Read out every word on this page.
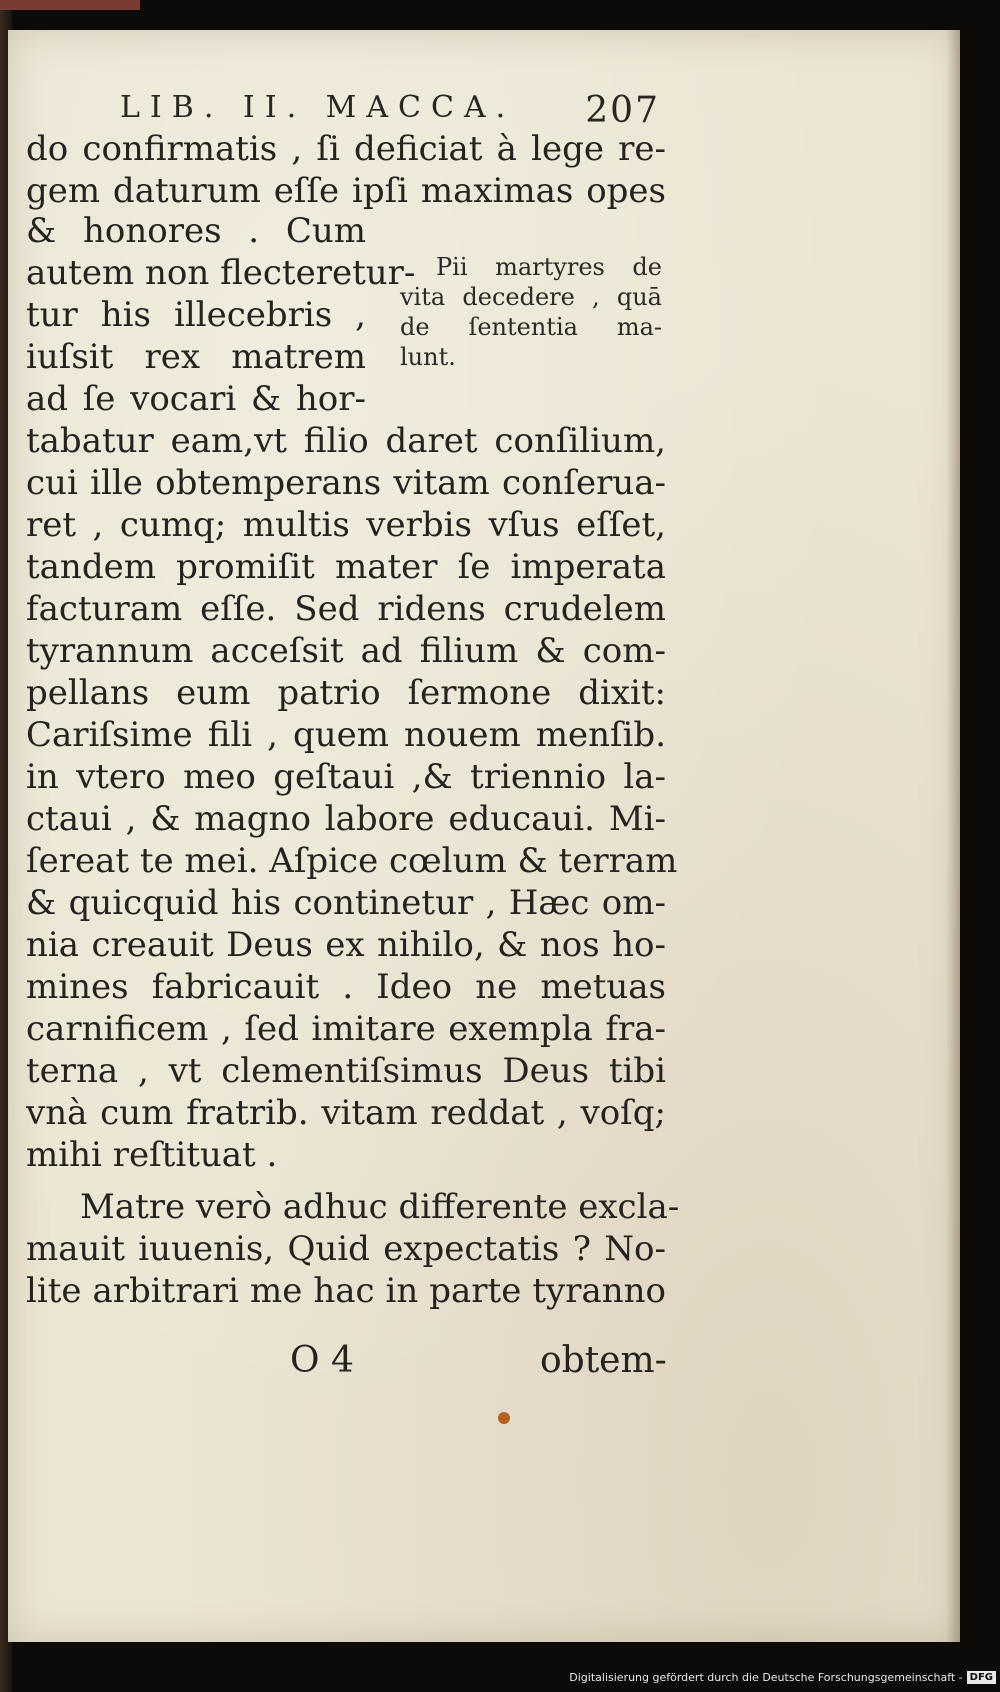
LIB. II. MACCA. 207
do confirmatis , ſi deficiat à lege re-
gem daturum eſſe ipſi maximas opes
& honores . Cum
autem non flecteretur-
tur his illecebris ,
iuſsit rex matrem
ad ſe vocari & hor-
tabatur eam,vt filio daret conſilium,
cui ille obtemperans vitam conſerua-
ret , cumq; multis verbis vſus eſſet,
tandem promiſit mater ſe imperata
facturam eſſe. Sed ridens crudelem
tyrannum acceſsit ad filium & com-
pellans eum patrio ſermone dixit:
Cariſsime fili , quem nouem menſib.
in vtero meo geſtaui ,& triennio la-
ctaui , & magno labore educaui. Mi-
ſereat te mei. Aſpice cœlum & terram
& quicquid his continetur , Hæc om-
nia creauit Deus ex nihilo, & nos ho-
mines fabricauit . Ideo ne metuas
carnificem , ſed imitare exempla fra-
terna , vt clementiſsimus Deus tibi
vnà cum fratrib. vitam reddat , voſq;
mihi reſtituat .
Matre verò adhuc differente excla-
mauit iuuenis, Quid expectatis ? No-
lite arbitrari me hac in parte tyranno
Pii martyres de
vita decedere , quā
de ſententia ma-
lunt.
O 4	obtem-
Digitalisierung gefördert durch die Deutsche Forschungsgemeinschaft - DFG
